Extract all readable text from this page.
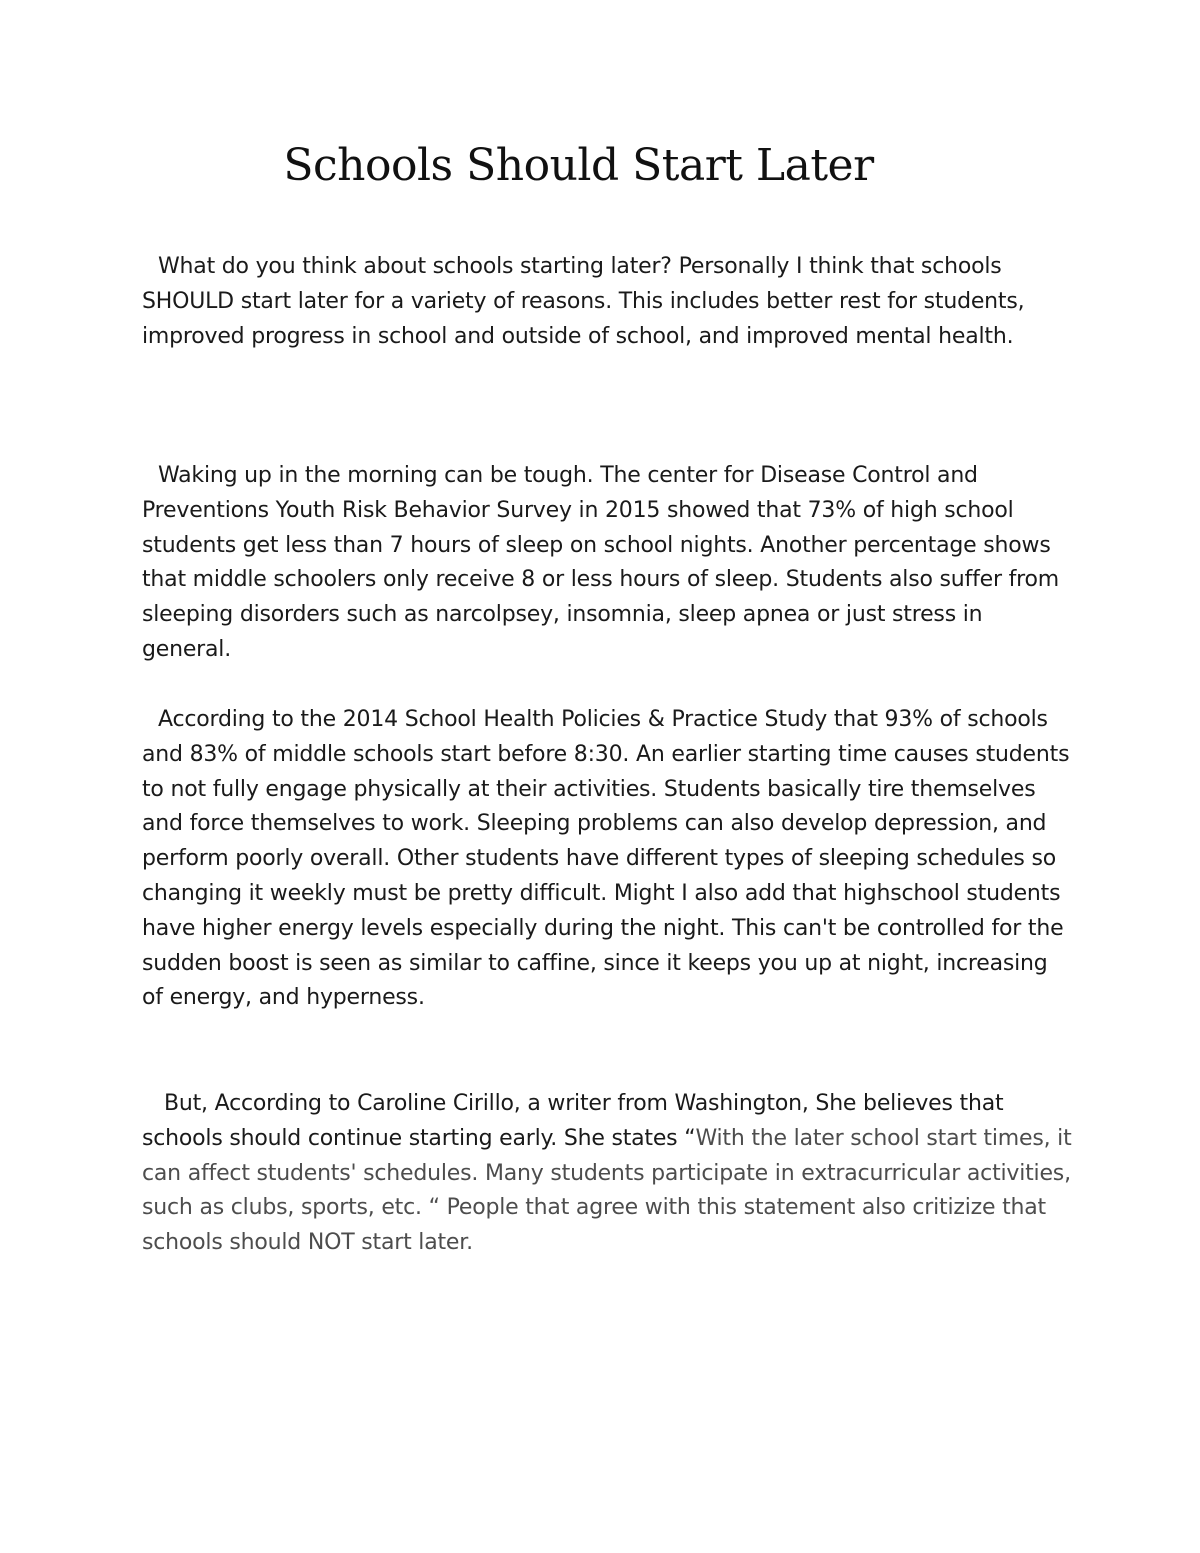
Schools Should Start Later

What do you think about schools starting later? Personally I think that schools SHOULD start later for a variety of reasons. This includes better rest for students, improved progress in school and outside of school, and improved mental health.

Waking up in the morning can be tough. The center for Disease Control and Preventions Youth Risk Behavior Survey in 2015 showed that 73% of high school students get less than 7 hours of sleep on school nights. Another percentage shows that middle schoolers only receive 8 or less hours of sleep. Students also suffer from sleeping disorders such as narcolpsey, insomnia, sleep apnea or just stress in general.

According to the 2014 School Health Policies & Practice Study that 93% of schools and 83% of middle schools start before 8:30. An earlier starting time causes students to not fully engage physically at their activities. Students basically tire themselves and force themselves to work. Sleeping problems can also develop depression, and perform poorly overall. Other students have different types of sleeping schedules so changing it weekly must be pretty difficult. Might I also add that highschool students have higher energy levels especially during the night. This can't be controlled for the sudden boost is seen as similar to caffine, since it keeps you up at night, increasing of energy, and hyperness.

But, According to Caroline Cirillo, a writer from Washington, She believes that schools should continue starting early. She states “With the later school start times, it can affect students' schedules. Many students participate in extracurricular activities, such as clubs, sports, etc. “ People that agree with this statement also critizize that schools should NOT start later.
